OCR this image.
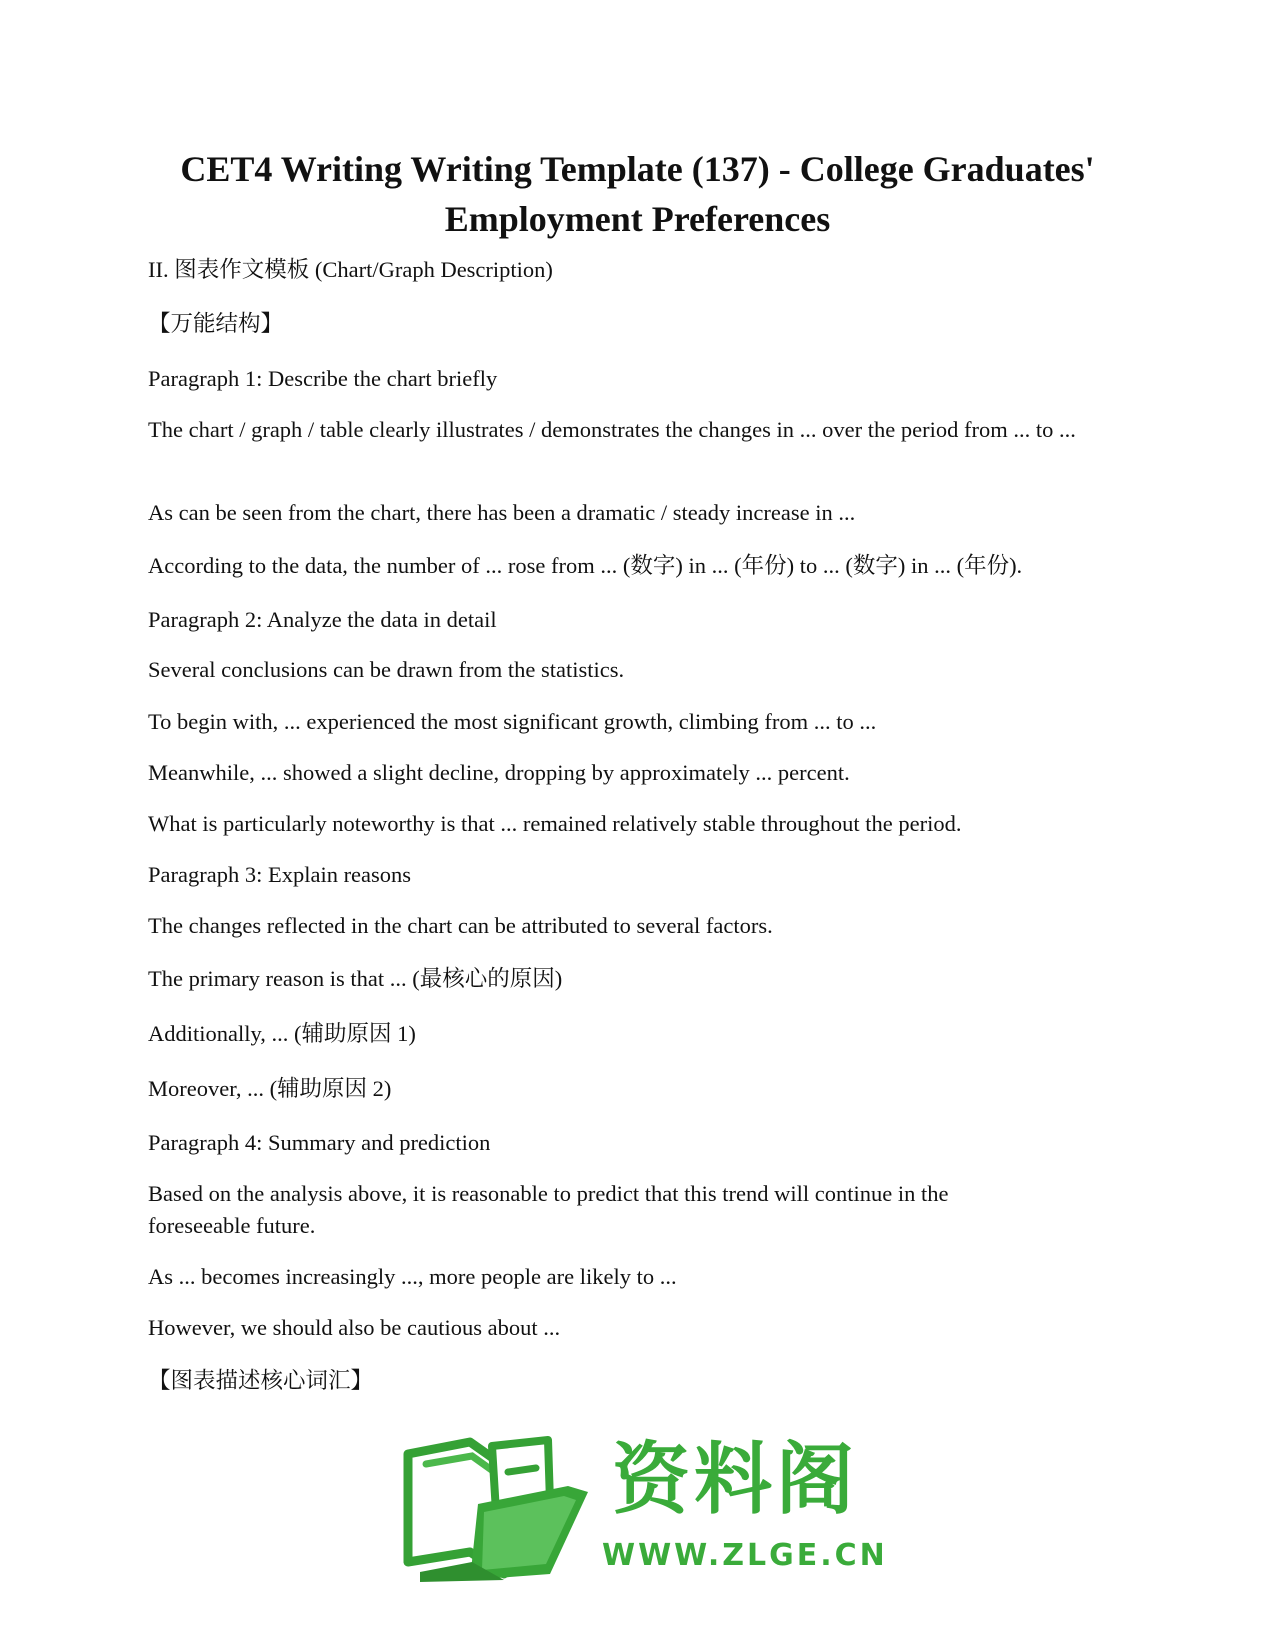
CET4 Writing Writing Template (137) - College Graduates' Employment Preferences

II. 图表作文模板 (Chart/Graph Description)

【万能结构】

Paragraph 1: Describe the chart briefly

The chart / graph / table clearly illustrates / demonstrates the changes in ... over the period from ... to ...

As can be seen from the chart, there has been a dramatic / steady increase in ...

According to the data, the number of ... rose from ... (数字) in ... (年份) to ... (数字) in ... (年份).

Paragraph 2: Analyze the data in detail

Several conclusions can be drawn from the statistics.

To begin with, ... experienced the most significant growth, climbing from ... to ...

Meanwhile, ... showed a slight decline, dropping by approximately ... percent.

What is particularly noteworthy is that ... remained relatively stable throughout the period.

Paragraph 3: Explain reasons

The changes reflected in the chart can be attributed to several factors.

The primary reason is that ... (最核心的原因)

Additionally, ... (辅助原因 1)

Moreover, ... (辅助原因 2)

Paragraph 4: Summary and prediction

Based on the analysis above, it is reasonable to predict that this trend will continue in the foreseeable future.

As ... becomes increasingly ..., more people are likely to ...

However, we should also be cautious about ...

【图表描述核心词汇】

资料阁
WWW.ZLGE.CN
